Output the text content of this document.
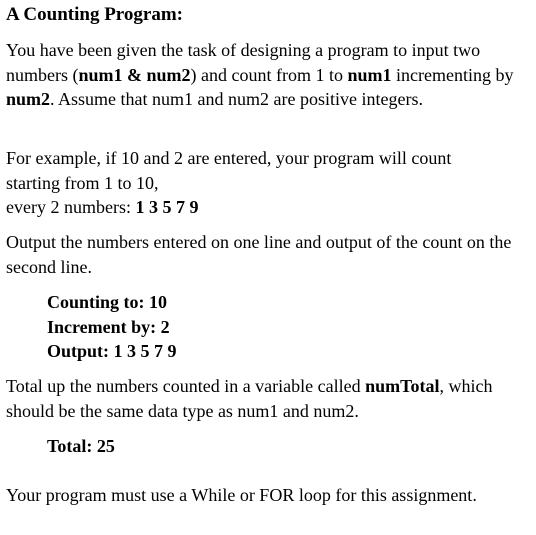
A Counting Program:

You have been given the task of designing a program to input two numbers (num1 & num2) and count from 1 to num1 incrementing by num2. Assume that num1 and num2 are positive integers.

For example, if 10 and 2 are entered, your program will count
starting from 1 to 10,
every 2 numbers: 1 3 5 7 9

Output the numbers entered on one line and output of the count on the second line.

Counting to: 10
Increment by: 2
Output: 1 3 5 7 9

Total up the numbers counted in a variable called numTotal, which should be the same data type as num1 and num2.

Total: 25

Your program must use a While or FOR loop for this assignment.
